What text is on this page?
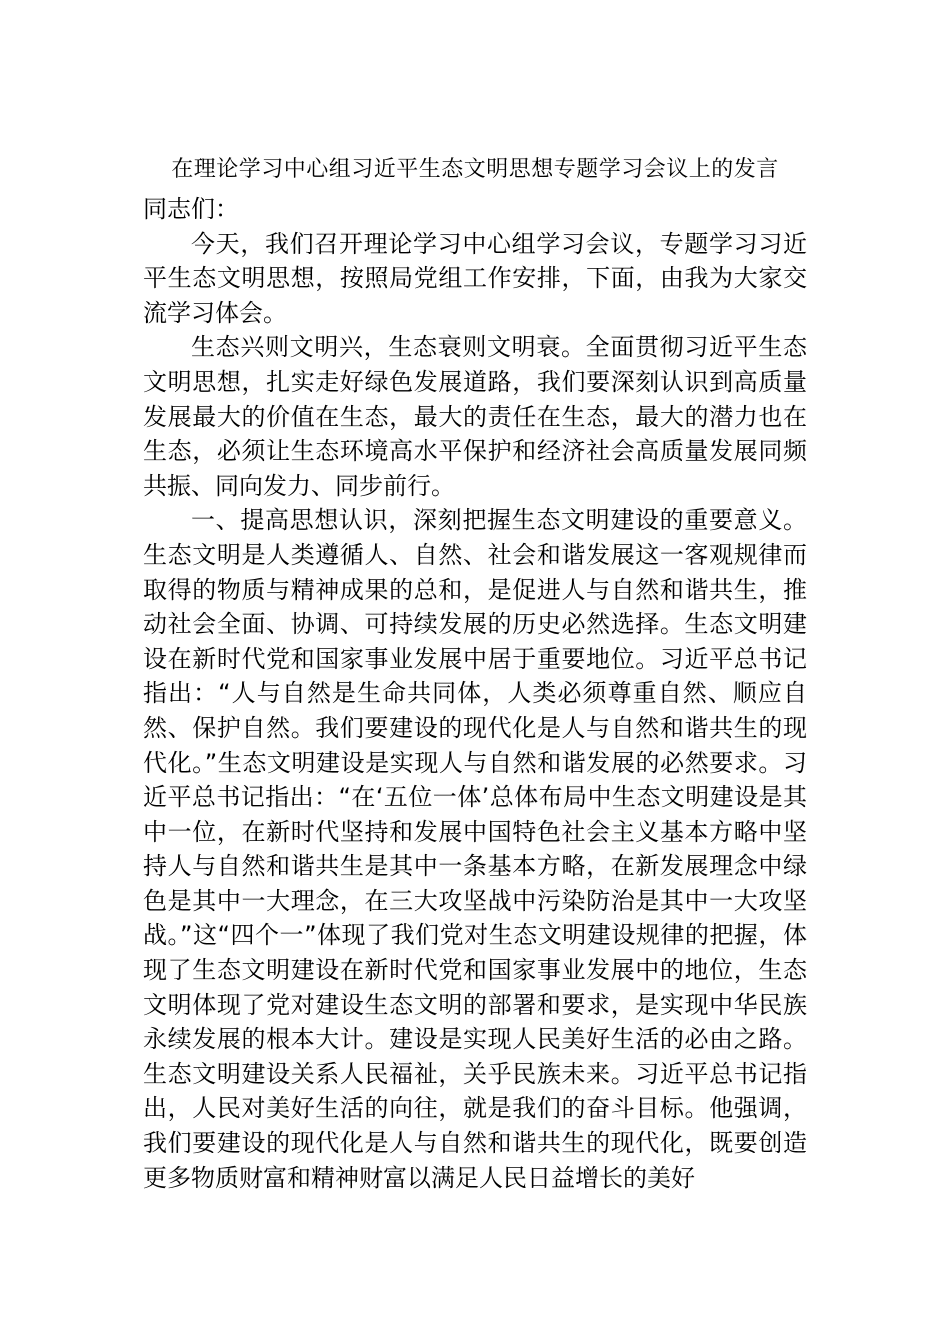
在理论学习中心组习近平生态文明思想专题学习会议上的发言

同志们：

今天，我们召开理论学习中心组学习会议，专题学习习近平生态文明思想，按照局党组工作安排，下面，由我为大家交流学习体会。

生态兴则文明兴，生态衰则文明衰。全面贯彻习近平生态文明思想，扎实走好绿色发展道路，我们要深刻认识到高质量发展最大的价值在生态，最大的责任在生态，最大的潜力也在生态，必须让生态环境高水平保护和经济社会高质量发展同频共振、同向发力、同步前行。

一、提高思想认识，深刻把握生态文明建设的重要意义。生态文明是人类遵循人、自然、社会和谐发展这一客观规律而取得的物质与精神成果的总和，是促进人与自然和谐共生，推动社会全面、协调、可持续发展的历史必然选择。生态文明建设在新时代党和国家事业发展中居于重要地位。习近平总书记指出：“人与自然是生命共同体，人类必须尊重自然、顺应自然、保护自然。我们要建设的现代化是人与自然和谐共生的现代化。”生态文明建设是实现人与自然和谐发展的必然要求。习近平总书记指出：“在‘五位一体’总体布局中生态文明建设是其中一位，在新时代坚持和发展中国特色社会主义基本方略中坚持人与自然和谐共生是其中一条基本方略，在新发展理念中绿色是其中一大理念，在三大攻坚战中污染防治是其中一大攻坚战。”这“四个一”体现了我们党对生态文明建设规律的把握，体现了生态文明建设在新时代党和国家事业发展中的地位，生态文明体现了党对建设生态文明的部署和要求，是实现中华民族永续发展的根本大计。建设是实现人民美好生活的必由之路。生态文明建设关系人民福祉，关乎民族未来。习近平总书记指出，人民对美好生活的向往，就是我们的奋斗目标。他强调，我们要建设的现代化是人与自然和谐共生的现代化，既要创造更多物质财富和精神财富以满足人民日益增长的美好
